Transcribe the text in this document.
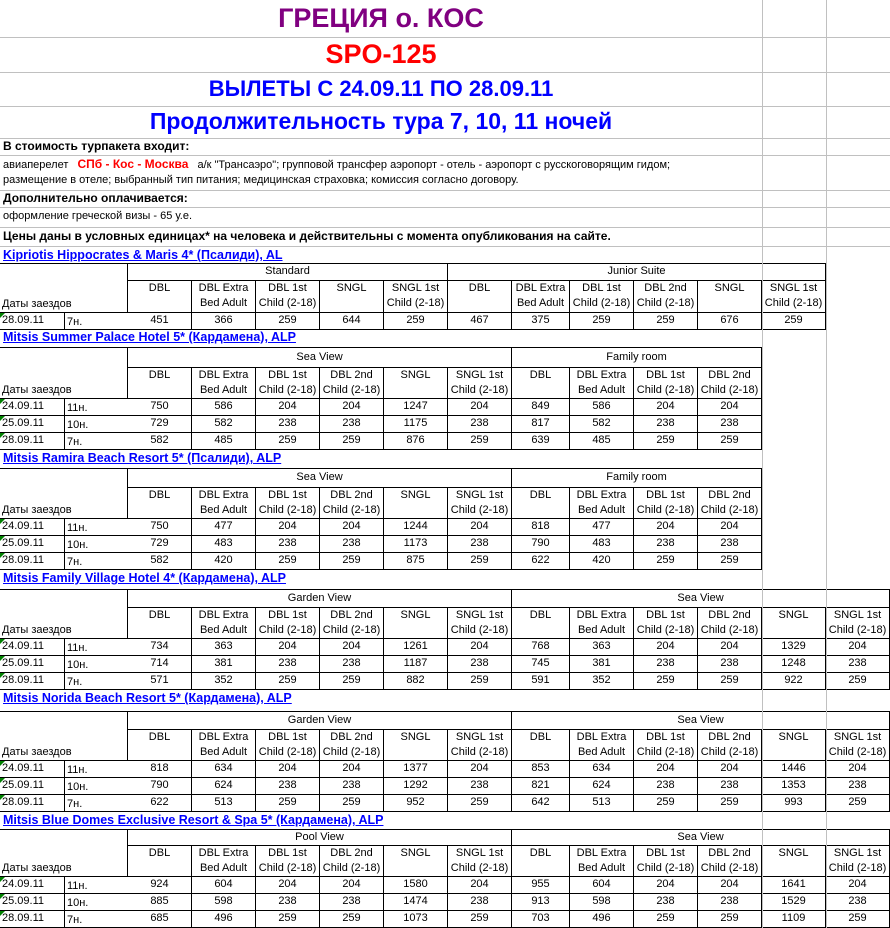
ГРЕЦИЯ о. КОС
SPO-125
ВЫЛЕТЫ С 24.09.11 ПО 28.09.11
Продолжительность тура 7, 10, 11 ночей
В стоимость турпакета входит:
авиаперелет СПб - Кос - Москва а/к "Трансаэро"; групповой трансфер аэропорт - отель - аэропорт с русскоговорящим гидом;
размещение в отеле; выбранный тип питания; медицинская страховка; комиссия согласно договору.
Дополнительно оплачивается:
оформление греческой визы - 65 у.е.
Цены даны в условных единицах* на человека и действительны с момента опубликования на сайте.
Kipriotis Hippocrates & Maris 4* (Псалиди), AL
Даты заездов
Standard	Junior Suite
DBL	DBL Extra
Bed Adult
DBL 1st
Child (2-18)
SNGL	SNGL 1st
Child (2-18)
DBL	DBL Extra
Bed Adult
DBL 1st
Child (2-18)
DBL 2nd
Child (2-18)
SNGL	SNGL 1st
Child (2-18)
28.09.11	7н.	451	366	259	644	259	467	375	259	259	676	259
Mitsis Summer Palace Hotel 5* (Кардамена), ALP
Даты заездов
Sea View	Family room
DBL	DBL Extra
Bed Adult
DBL 1st
Child (2-18)
DBL 2nd
Child (2-18)
SNGL	SNGL 1st
Child (2-18)
DBL	DBL Extra
Bed Adult
DBL 1st
Child (2-18)
DBL 2nd
Child (2-18)
24.09.11	11н.	750	586	204	204	1247	204	849	586	204	204
25.09.11	10н.	729	582	238	238	1175	238	817	582	238	238
28.09.11	7н.	582	485	259	259	876	259	639	485	259	259
Mitsis Ramira Beach Resort 5* (Псалиди), ALP
Даты заездов
Sea View	Family room
DBL	DBL Extra
Bed Adult
DBL 1st
Child (2-18)
DBL 2nd
Child (2-18)
SNGL	SNGL 1st
Child (2-18)
DBL	DBL Extra
Bed Adult
DBL 1st
Child (2-18)
DBL 2nd
Child (2-18)
24.09.11	11н.	750	477	204	204	1244	204	818	477	204	204
25.09.11	10н.	729	483	238	238	1173	238	790	483	238	238
28.09.11	7н.	582	420	259	259	875	259	622	420	259	259
Mitsis Family Village Hotel 4* (Кардамена), ALP
Даты заездов
Garden View	Sea View
DBL	DBL Extra
Bed Adult
DBL 1st
Child (2-18)
DBL 2nd
Child (2-18)
SNGL	SNGL 1st
Child (2-18)
DBL	DBL Extra
Bed Adult
DBL 1st
Child (2-18)
DBL 2nd
Child (2-18)
SNGL	SNGL 1st
Child (2-18)
24.09.11	11н.	734	363	204	204	1261	204	768	363	204	204	1329	204
25.09.11	10н.	714	381	238	238	1187	238	745	381	238	238	1248	238
28.09.11	7н.	571	352	259	259	882	259	591	352	259	259	922	259
Mitsis Norida Beach Resort 5* (Кардамена), ALP
Даты заездов
Garden View	Sea View
DBL	DBL Extra
Bed Adult
DBL 1st
Child (2-18)
DBL 2nd
Child (2-18)
SNGL	SNGL 1st
Child (2-18)
DBL	DBL Extra
Bed Adult
DBL 1st
Child (2-18)
DBL 2nd
Child (2-18)
SNGL	SNGL 1st
Child (2-18)
24.09.11	11н.	818	634	204	204	1377	204	853	634	204	204	1446	204
25.09.11	10н.	790	624	238	238	1292	238	821	624	238	238	1353	238
28.09.11	7н.	622	513	259	259	952	259	642	513	259	259	993	259
Mitsis Blue Domes Exclusive Resort & Spa 5* (Кардамена), ALP
Даты заездов
Pool View	Sea View
DBL	DBL Extra
Bed Adult
DBL 1st
Child (2-18)
DBL 2nd
Child (2-18)
SNGL	SNGL 1st
Child (2-18)
DBL	DBL Extra
Bed Adult
DBL 1st
Child (2-18)
DBL 2nd
Child (2-18)
SNGL	SNGL 1st
Child (2-18)
24.09.11	11н.	924	604	204	204	1580	204	955	604	204	204	1641	204
25.09.11	10н.	885	598	238	238	1474	238	913	598	238	238	1529	238
28.09.11	7н.	685	496	259	259	1073	259	703	496	259	259	1109	259
